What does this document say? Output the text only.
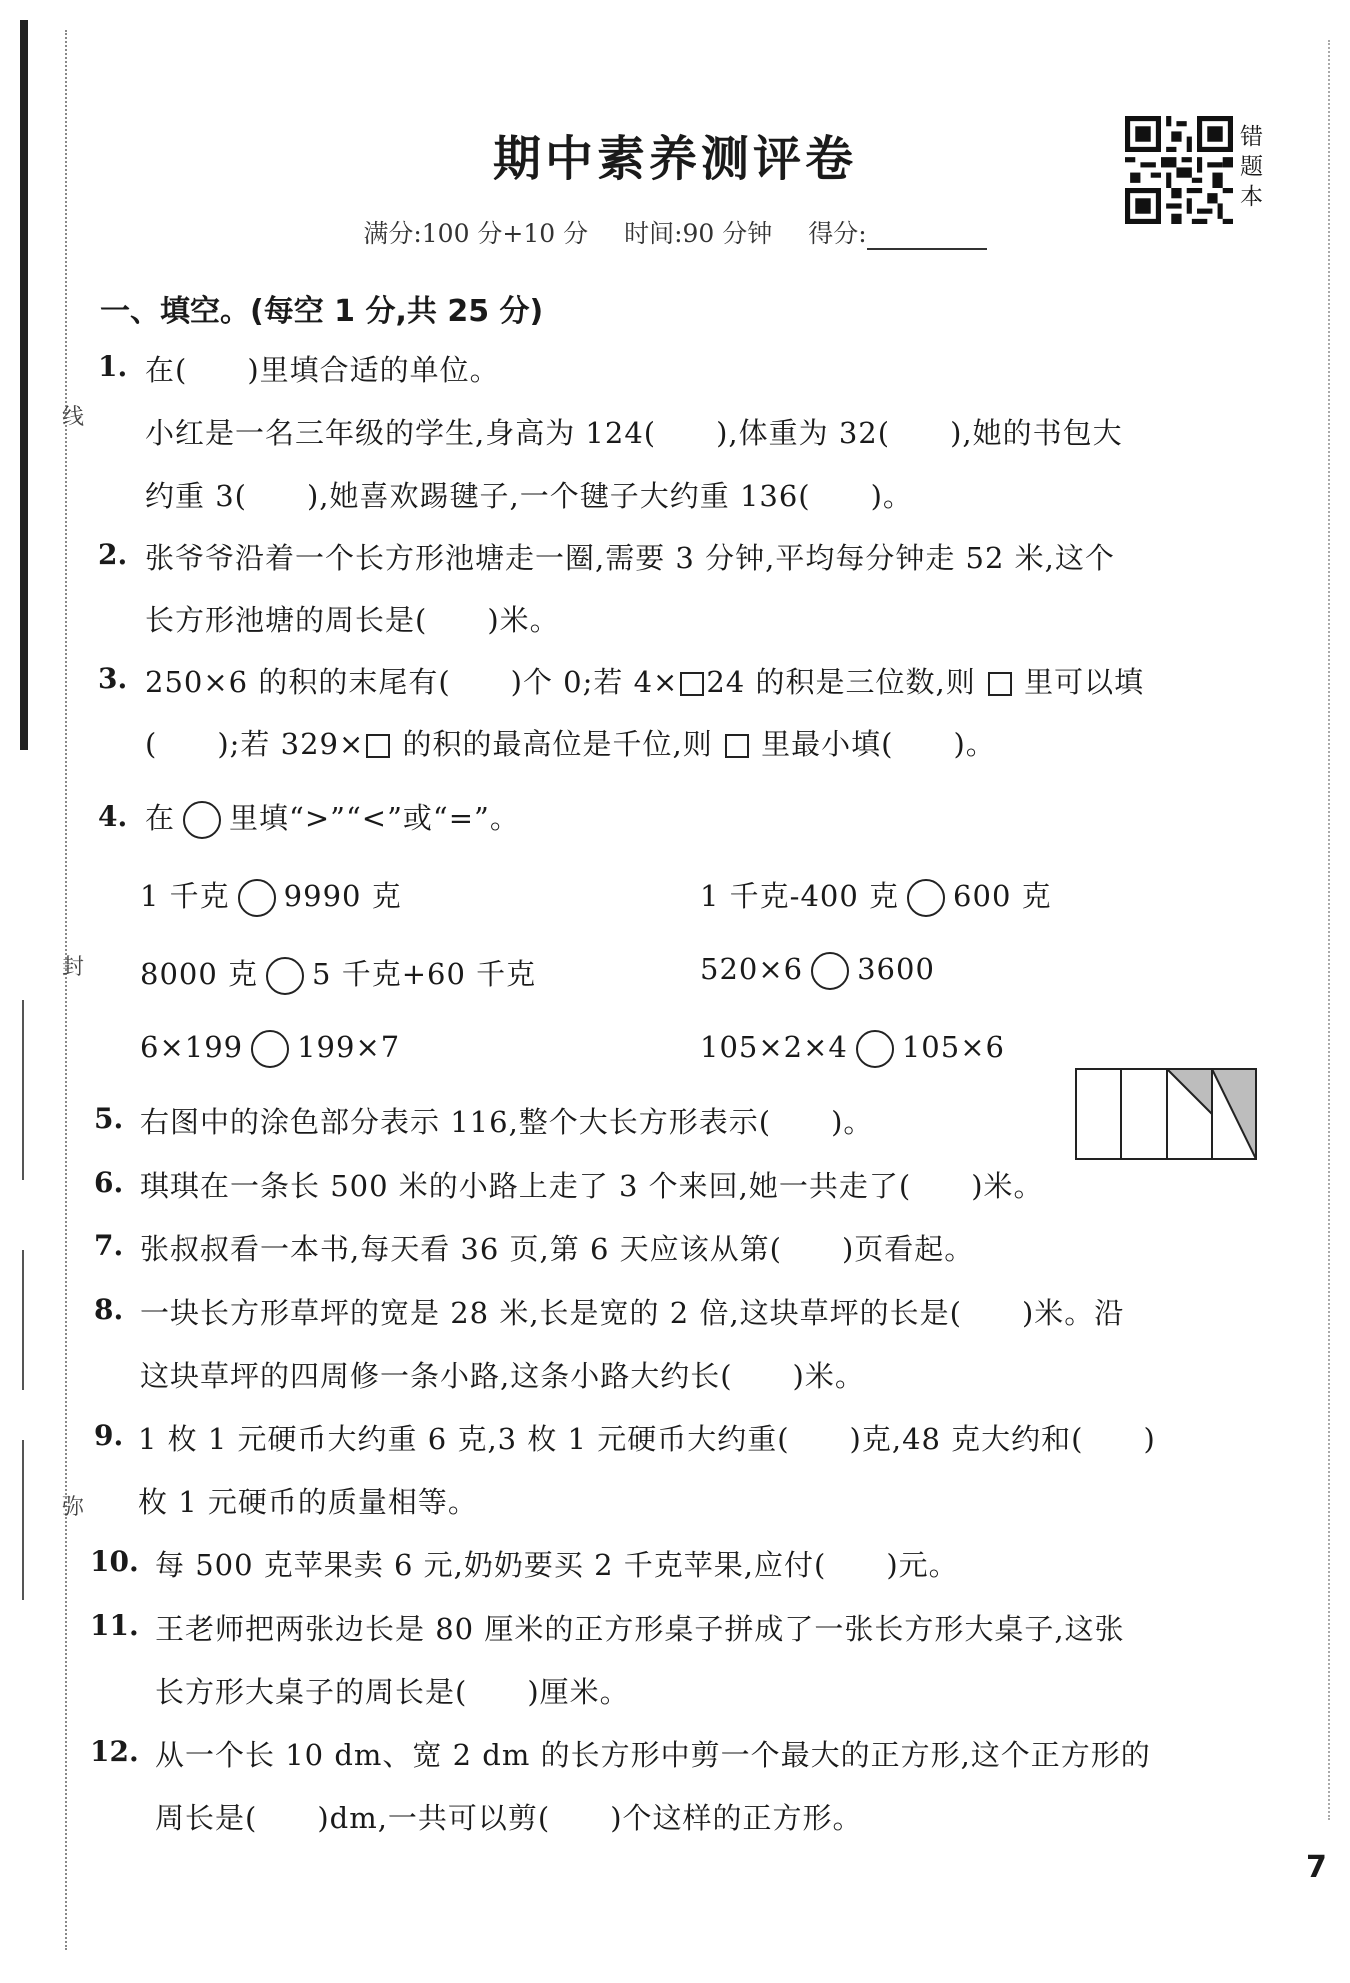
线
封
弥
期中素养测评卷
满分:100 分+10 分 时间:90 分钟 得分:
错题本
一、填空。(每空 1 分,共 25 分)
1. 在(　　)里填合适的单位。
小红是一名三年级的学生,身高为 124(　　),体重为 32(　　),她的书包大
约重 3(　　),她喜欢踢毽子,一个毽子大约重 136(　　)。
2. 张爷爷沿着一个长方形池塘走一圈,需要 3 分钟,平均每分钟走 52 米,这个
长方形池塘的周长是(　　)米。
3. 250×6 的积的末尾有(　　)个 0;若 4× 24 的积是三位数,则 里可以填
(　　);若 329× 的积的最高位是千位,则 里最小填(　　)。
4. 在 里填“>”“<”或“=”。
1 千克 9990 克	1 千克-400 克 600 克
8000 克 5 千克+60 千克	520×6 3600
6×199 199×7	105×2×4 105×6
5. 右图中的涂色部分表示 116,整个大长方形表示(　　)。
6. 琪琪在一条长 500 米的小路上走了 3 个来回,她一共走了(　　)米。
7. 张叔叔看一本书,每天看 36 页,第 6 天应该从第(　　)页看起。
8. 一块长方形草坪的宽是 28 米,长是宽的 2 倍,这块草坪的长是(　　)米。沿
这块草坪的四周修一条小路,这条小路大约长(　　)米。
9. 1 枚 1 元硬币大约重 6 克,3 枚 1 元硬币大约重(　　)克,48 克大约和(　　)
枚 1 元硬币的质量相等。
10. 每 500 克苹果卖 6 元,奶奶要买 2 千克苹果,应付(　　)元。
11. 王老师把两张边长是 80 厘米的正方形桌子拼成了一张长方形大桌子,这张
长方形大桌子的周长是(　　)厘米。
12. 从一个长 10 dm、宽 2 dm 的长方形中剪一个最大的正方形,这个正方形的
周长是(　　)dm,一共可以剪(　　)个这样的正方形。
7
